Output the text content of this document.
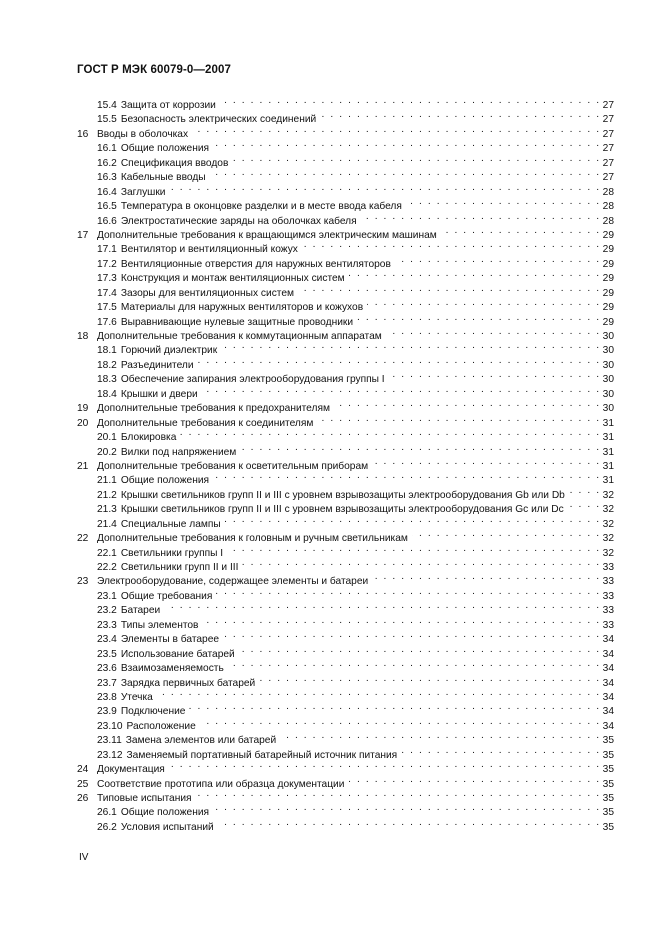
ГОСТ Р МЭК 60079-0—2007
15.4 Защита от коррозии . . .	27
15.5 Безопасность электрических соединений . . .	27
16 Вводы в оболочках . . .	27
16.1 Общие положения . . .	27
16.2 Спецификация вводов . . .	27
16.3 Кабельные вводы . . .	27
16.4 Заглушки . . .	28
16.5 Температура в оконцовке разделки и в месте ввода кабеля . . .	28
16.6 Электростатические заряды на оболочках кабеля . . .	28
17 Дополнительные требования к вращающимся электрическим машинам . . .	29
17.1 Вентилятор и вентиляционный кожух . . .	29
17.2 Вентиляционные отверстия для наружных вентиляторов . . .	29
17.3 Конструкция и монтаж вентиляционных систем . . .	29
17.4 Зазоры для вентиляционных систем . . .	29
17.5 Материалы для наружных вентиляторов и кожухов . . .	29
17.6 Выравнивающие нулевые защитные проводники . . .	29
18 Дополнительные требования к коммутационным аппаратам . . .	30
18.1 Горючий диэлектрик . . .	30
18.2 Разъединители . . .	30
18.3 Обеспечение запирания электрооборудования группы I . . .	30
18.4 Крышки и двери . . .	30
19 Дополнительные требования к предохранителям . . .	30
20 Дополнительные требования к соединителям . . .	31
20.1 Блокировка . . .	31
20.2 Вилки под напряжением . . .	31
21 Дополнительные требования к осветительным приборам . . .	31
21.1 Общие положения . . .	31
21.2 Крышки светильников групп II и III с уровнем взрывозащиты электрооборудования Gb или Db . . .	32
21.3 Крышки светильников групп II и III с уровнем взрывозащиты электрооборудования Gc или Dc . . .	32
21.4 Специальные лампы . . .	32
22 Дополнительные требования к головным и ручным светильникам . . .	32
22.1 Светильники группы I . . .	32
22.2 Светильники групп II и III . . .	33
23 Электрооборудование, содержащее элементы и батареи . . .	33
23.1 Общие требования . . .	33
23.2 Батареи . . .	33
23.3 Типы элементов . . .	33
23.4 Элементы в батарее . . .	34
23.5 Использование батарей . . .	34
23.6 Взаимозаменяемость . . .	34
23.7 Зарядка первичных батарей . . .	34
23.8 Утечка . . .	34
23.9 Подключение . . .	34
23.10 Расположение . . .	34
23.11 Замена элементов или батарей . . .	35
23.12 Заменяемый портативный батарейный источник питания . . .	35
24 Документация . . .	35
25 Соответствие прототипа или образца документации . . .	35
26 Типовые испытания . . .	35
26.1 Общие положения . . .	35
26.2 Условия испытаний . . .	35
IV
